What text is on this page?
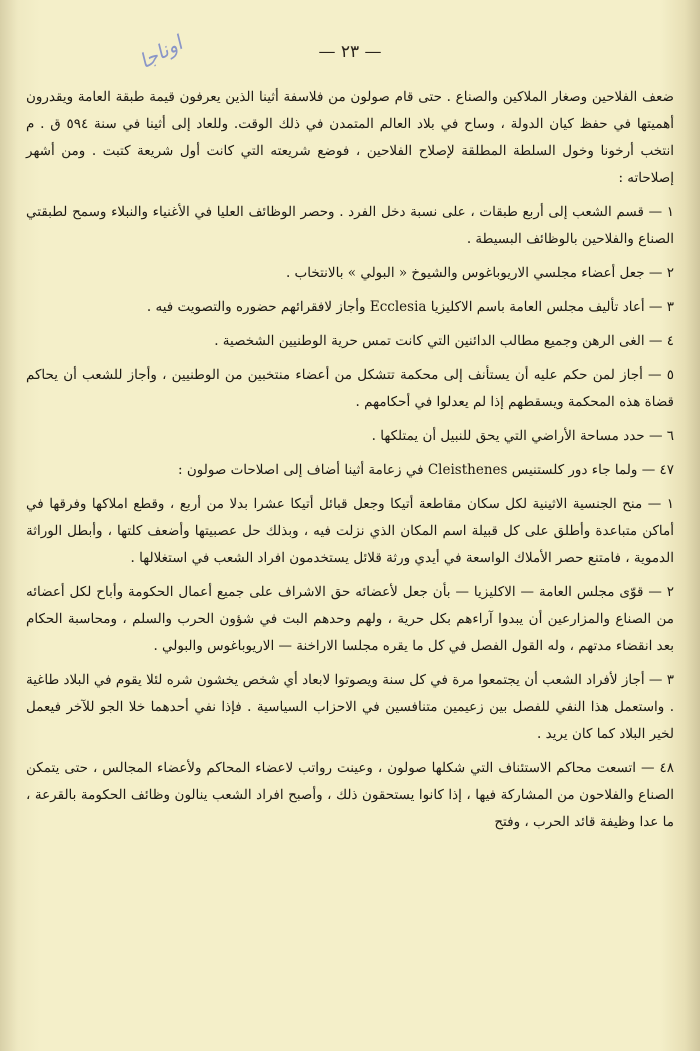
اوناجا	— ٢٣ —

ضعف الفلاحين وصغار الملاكين والصناع . حتى قام صولون من فلاسفة أثينا الذين يعرفون قيمة طبقة العامة ويقدرون أهميتها في حفظ كيان الدولة ، وساح في بلاد العالم المتمدن في ذلك الوقت. وللعاد إلى أثينا في سنة ٥٩٤ ق . م انتخب أرخونا وخول السلطة المطلقة لإصلاح الفلاحين ، فوضع شريعته التي كانت أول شريعة كتبت . ومن أشهر إصلاحاته :

١ — قسم الشعب إلى أربع طبقات ، على نسبة دخل الفرد . وحصر الوظائف العليا في الأغنياء والنبلاء وسمح لطبقتي الصناع والفلاحين بالوظائف البسيطة .

٢ — جعل أعضاء مجلسي الاريوباغوس والشيوخ « البولي » بالانتخاب .

٣ — أعاد تأليف مجلس العامة باسم الاكليزيا Ecclesia وأجاز لافقرائهم حضوره والتصويت فيه .

٤ — الغى الرهن وجميع مطالب الدائنين التي كانت تمس حرية الوطنيين الشخصية .

٥ — أجاز لمن حكم عليه أن يستأنف إلى محكمة تتشكل من أعضاء منتخبين من الوطنيين ، وأجاز للشعب أن يحاكم قضاة هذه المحكمة ويسقطهم إذا لم يعدلوا في أحكامهم .

٦ — حدد مساحة الأراضي التي يحق للنبيل أن يمتلكها .

٤٧ — ولما جاء دور كلستنيس Cleisthenes في زعامة أثينا أضاف إلى اصلاحات صولون :

١ — منح الجنسية الاثينية لكل سكان مقاطعة أتيكا وجعل قبائل أتيكا عشرا بدلا من أربع ، وقطع املاكها وفرقها في أماكن متباعدة وأطلق على كل قبيلة اسم المكان الذي نزلت فيه ، وبذلك حل عصبيتها وأضعف كلتها ، وأبطل الوراثة الدموية ، فامتنع حصر الأملاك الواسعة في أيدي ورثة قلائل يستخدمون افراد الشعب في استغلالها .

٢ — قوّى مجلس العامة — الاكليزيا — بأن جعل لأعضائه حق الاشراف على جميع أعمال الحكومة وأباح لكل أعضائه من الصناع والمزارعين أن يبدوا آراءهم بكل حرية ، ولهم وحدهم البت في شؤون الحرب والسلم ، ومحاسبة الحكام بعد انقضاء مدتهم ، وله القول الفصل في كل ما يقره مجلسا الاراخنة — الاريوباغوس والبولي .

٣ — أجاز لأفراد الشعب أن يجتمعوا مرة في كل سنة ويصوتوا لابعاد أي شخص يخشون شره لئلا يقوم في البلاد طاغية . واستعمل هذا النفي للفصل بين زعيمين متنافسين في الاحزاب السياسية . فإذا نفي أحدهما خلا الجو للآخر فيعمل لخير البلاد كما كان يريد .

٤٨ — اتسعت محاكم الاستئناف التي شكلها صولون ، وعينت رواتب لاعضاء المحاكم ولأعضاء المجالس ، حتى يتمكن الصناع والفلاحون من المشاركة فيها ، إذا كانوا يستحقون ذلك ، وأصبح افراد الشعب ينالون وظائف الحكومة بالقرعة ، ما عدا وظيفة قائد الحرب ، وفتح
